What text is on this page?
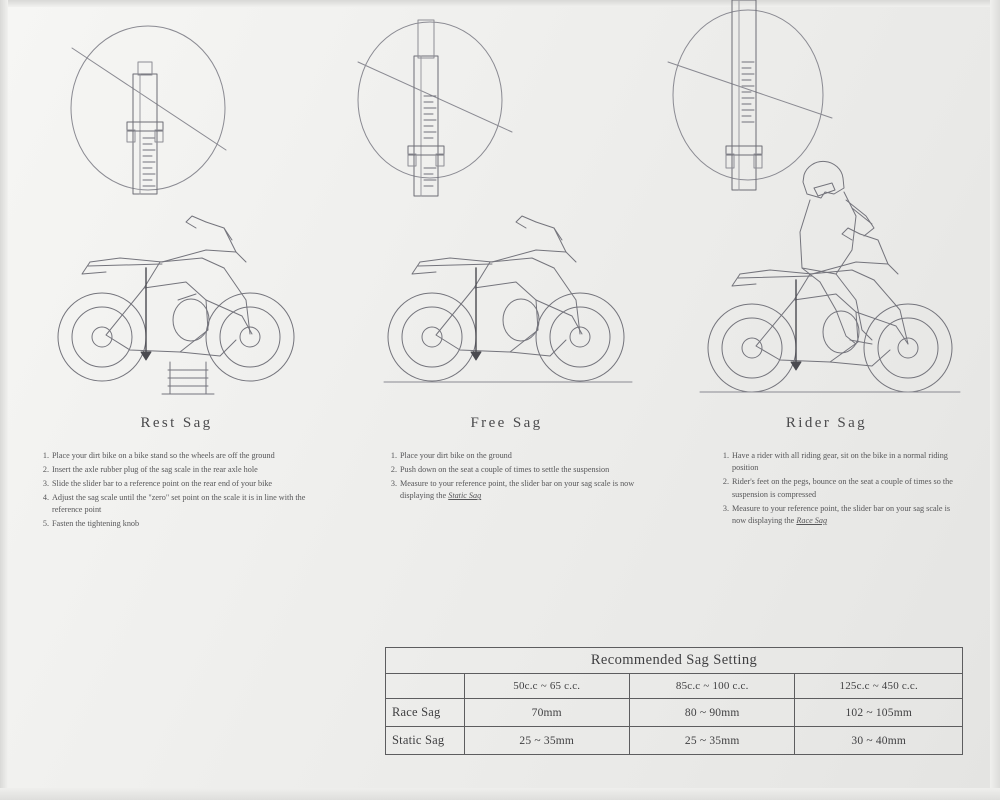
Rest Sag
1. Place your dirt bike on a bike stand so the wheels are off the ground
2. Insert the axle rubber plug of the sag scale in the rear axle hole
3. Slide the slider bar to a reference point on the rear end of your bike
4. Adjust the sag scale until the "zero" set point on the scale it is in line with the reference point
5. Fasten the tightening knob
Free Sag
1. Place your dirt bike on the ground
2. Push down on the seat a couple of times to settle the suspension
3. Measure to your reference point, the slider bar on your sag scale is now displaying the Static Sag
Rider Sag
1. Have a rider with all riding gear, sit on the bike in a normal riding position
2. Rider's feet on the pegs, bounce on the seat a couple of times so the suspension is compressed
3. Measure to your reference point, the slider bar on your sag scale is now displaying the Race Sag
Recommended Sag Setting			
	50c.c ~ 65 c.c.	85c.c ~ 100 c.c.	125c.c ~ 450 c.c.
Race Sag	70mm	80 ~ 90mm	102 ~ 105mm
Static Sag	25 ~ 35mm	25 ~ 35mm	30 ~ 40mm
